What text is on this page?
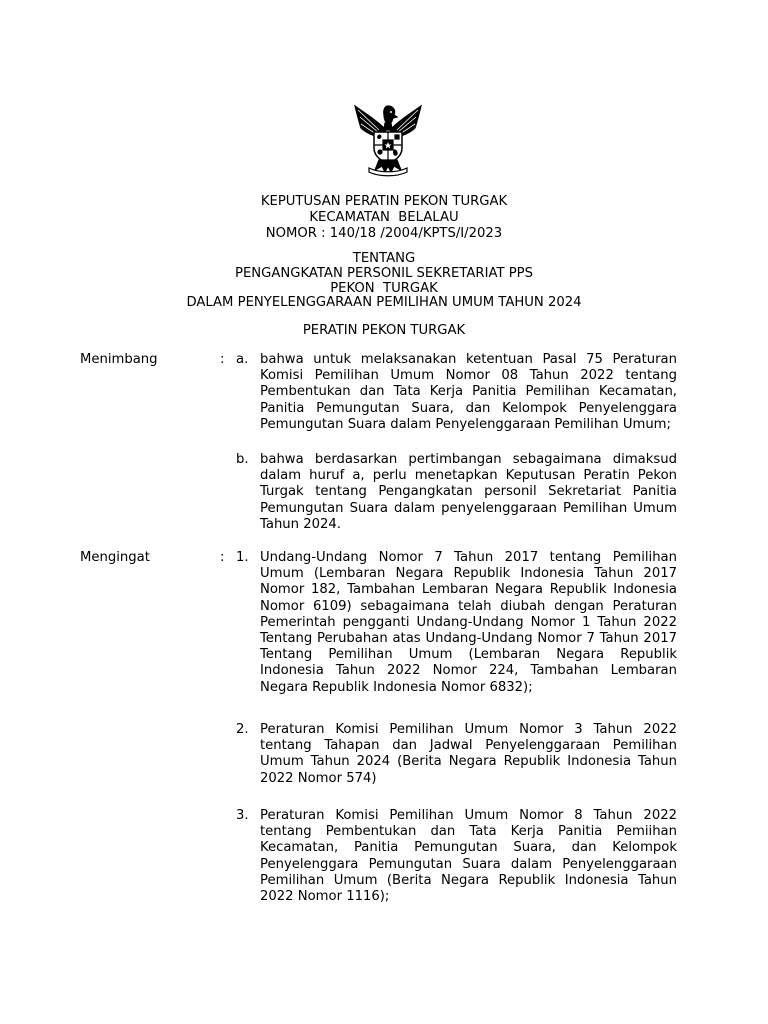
KEPUTUSAN PERATIN PEKON TURGAK
KECAMATAN  BELALAU
NOMOR : 140/18 /2004/KPTS/I/2023
TENTANG
PENGANGKATAN PERSONIL SEKRETARIAT PPS
PEKON  TURGAK
DALAM PENYELENGGARAAN PEMILIHAN UMUM TAHUN 2024
PERATIN PEKON TURGAK
Menimbang	: a. bahwa untuk melaksanakan ketentuan Pasal 75 Peraturan Komisi Pemilihan Umum Nomor 08 Tahun 2022 tentang Pembentukan dan Tata Kerja Panitia Pemilihan Kecamatan, Panitia Pemungutan Suara, dan Kelompok Penyelenggara Pemungutan Suara dalam Penyelenggaraan Pemilihan Umum;
b. bahwa berdasarkan pertimbangan sebagaimana dimaksud dalam huruf a, perlu menetapkan Keputusan Peratin Pekon Turgak tentang Pengangkatan personil Sekretariat Panitia Pemungutan Suara dalam penyelenggaraan Pemilihan Umum Tahun 2024.
Mengingat	: 1. Undang-Undang Nomor 7 Tahun 2017 tentang Pemilihan Umum (Lembaran Negara Republik Indonesia Tahun 2017 Nomor 182, Tambahan Lembaran Negara Republik Indonesia Nomor 6109) sebagaimana telah diubah dengan Peraturan Pemerintah pengganti Undang-Undang Nomor 1 Tahun 2022 Tentang Perubahan atas Undang-Undang Nomor 7 Tahun 2017 Tentang Pemilihan Umum (Lembaran Negara Republik Indonesia Tahun 2022 Nomor 224, Tambahan Lembaran Negara Republik Indonesia Nomor 6832);
2. Peraturan Komisi Pemilihan Umum Nomor 3 Tahun 2022 tentang Tahapan dan Jadwal Penyelenggaraan Pemilihan Umum Tahun 2024 (Berita Negara Republik Indonesia Tahun 2022 Nomor 574)
3. Peraturan Komisi Pemilihan Umum Nomor 8 Tahun 2022 tentang Pembentukan dan Tata Kerja Panitia Pemiihan Kecamatan, Panitia Pemungutan Suara, dan Kelompok Penyelenggara Pemungutan Suara dalam Penyelenggaraan Pemilihan Umum (Berita Negara Republik Indonesia Tahun 2022 Nomor 1116);
